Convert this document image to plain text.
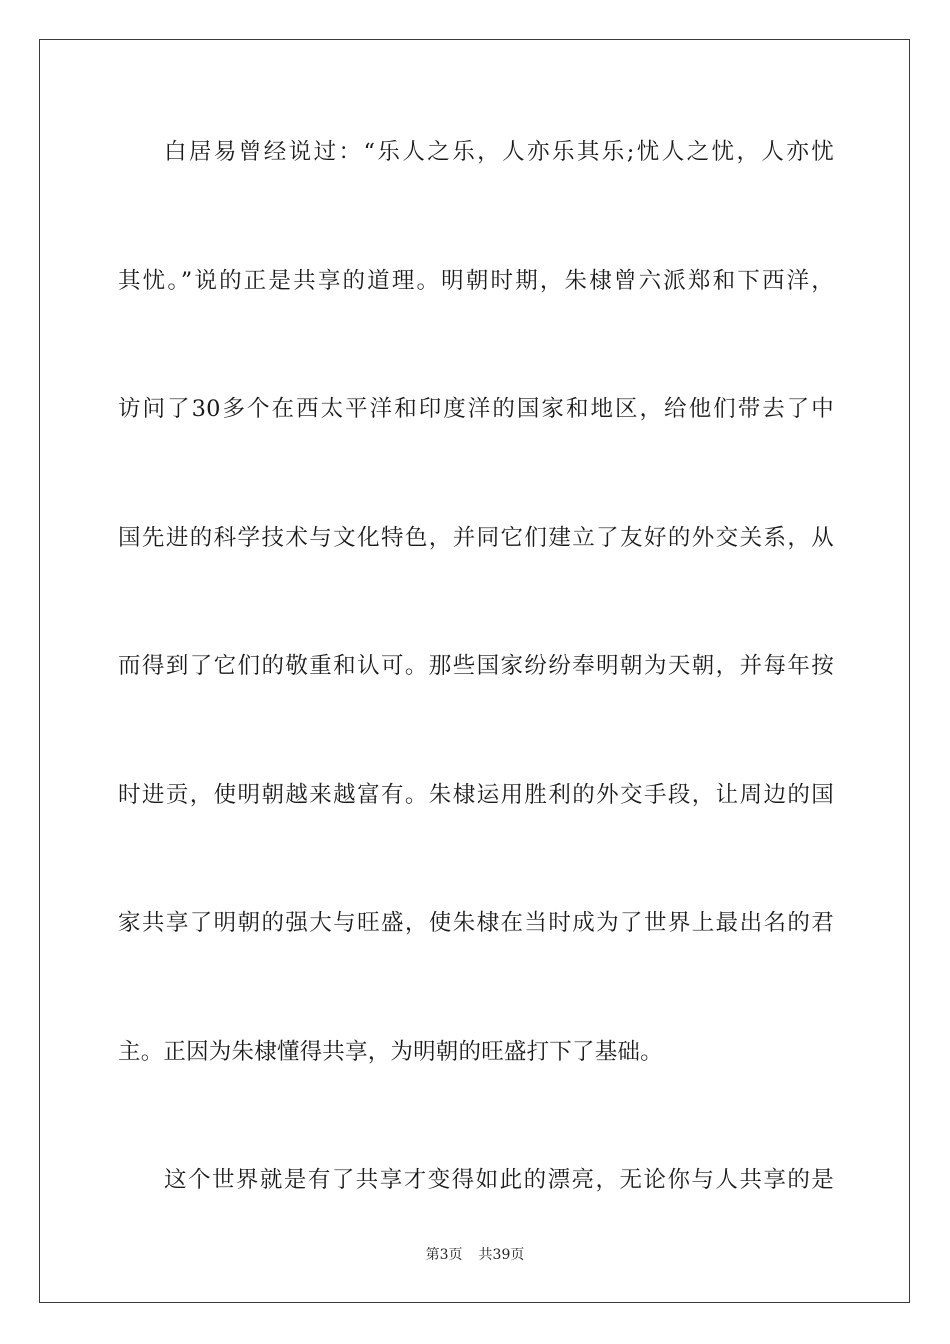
白居易曾经说过：“乐人之乐，人亦乐其乐;忧人之忧，人亦忧
其忧。”说的正是共享的道理。明朝时期，朱棣曾六派郑和下西洋，
访问了30多个在西太平洋和印度洋的国家和地区，给他们带去了中
国先进的科学技术与文化特色，并同它们建立了友好的外交关系，从
而得到了它们的敬重和认可。那些国家纷纷奉明朝为天朝，并每年按
时进贡，使明朝越来越富有。朱棣运用胜利的外交手段，让周边的国
家共享了明朝的强大与旺盛，使朱棣在当时成为了世界上最出名的君
主。正因为朱棣懂得共享，为明朝的旺盛打下了基础。
这个世界就是有了共享才变得如此的漂亮，无论你与人共享的是
第3页 共39页
